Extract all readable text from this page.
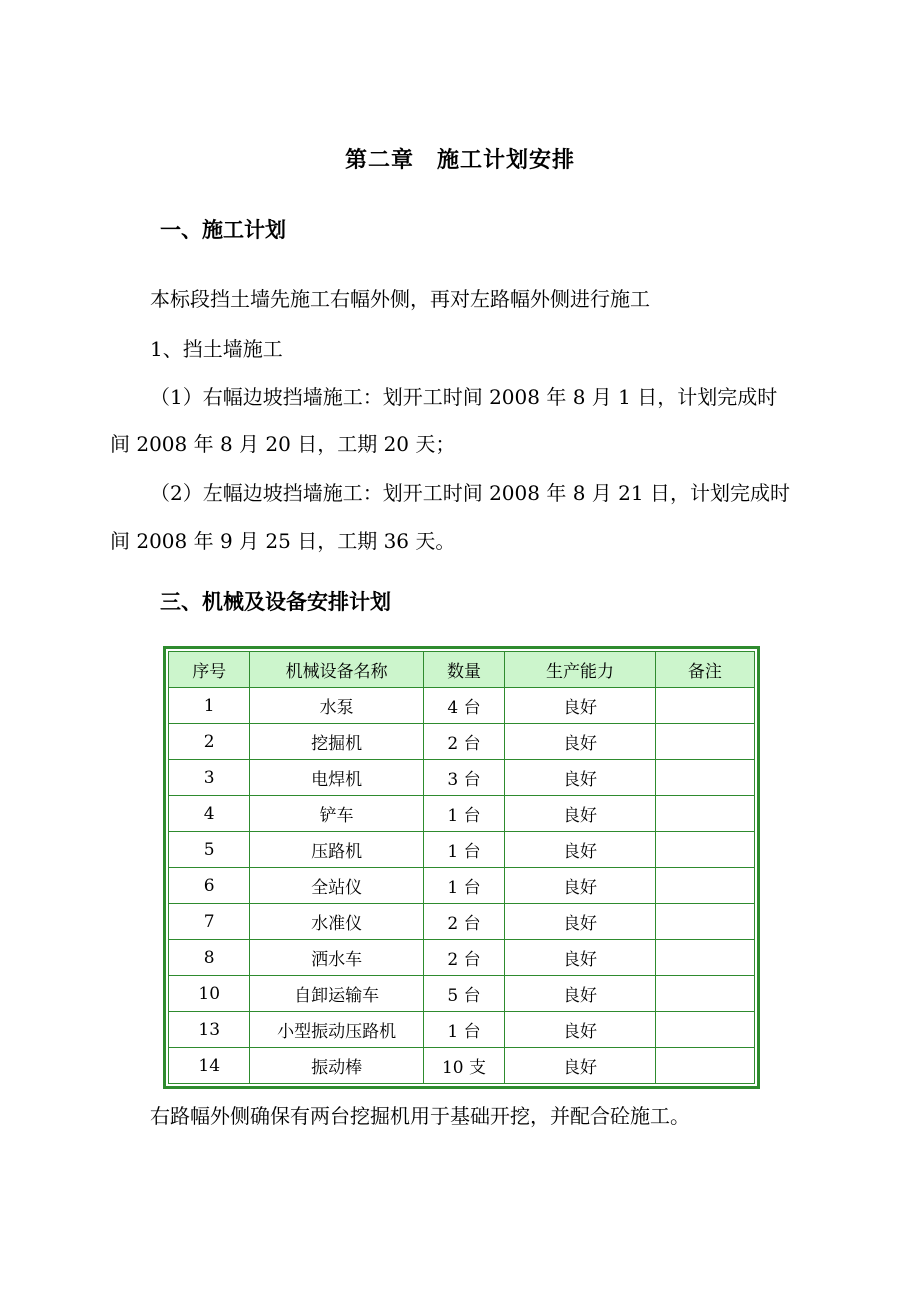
第二章　施工计划安排
一、施工计划
本标段挡土墙先施工右幅外侧，再对左路幅外侧进行施工
1、挡土墙施工
（1）右幅边坡挡墙施工：划开工时间 2008 年 8 月 1 日，计划完成时
间 2008 年 8 月 20 日，工期 20 天；
（2）左幅边坡挡墙施工：划开工时间 2008 年 8 月 21 日，计划完成时
间 2008 年 9 月 25 日，工期 36 天。
三、机械及设备安排计划
序号	机械设备名称	数量	生产能力	备注
1	水泵	4 台	良好	
2	挖掘机	2 台	良好	
3	电焊机	3 台	良好	
4	铲车	1 台	良好	
5	压路机	1 台	良好	
6	全站仪	1 台	良好	
7	水准仪	2 台	良好	
8	洒水车	2 台	良好	
10	自卸运输车	5 台	良好	
13	小型振动压路机	1 台	良好	
14	振动棒	10 支	良好	
右路幅外侧确保有两台挖掘机用于基础开挖，并配合砼施工。
